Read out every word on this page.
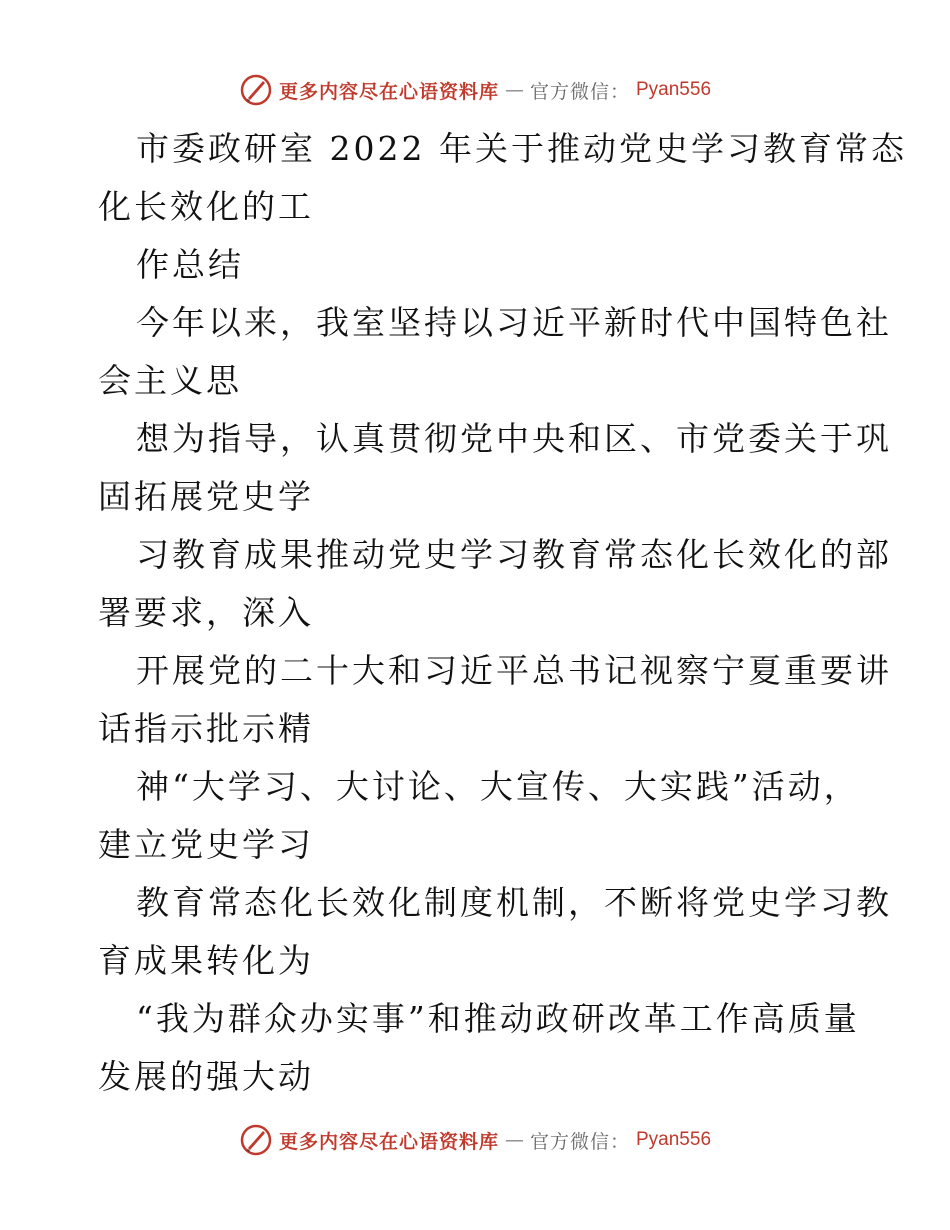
更多内容尽在心语资料库 — 官方微信： Pyan556
市委政研室 2022 年关于推动党史学习教育常态
化长效化的工
作总结
今年以来，我室坚持以习近平新时代中国特色社
会主义思
想为指导，认真贯彻党中央和区、市党委关于巩
固拓展党史学
习教育成果推动党史学习教育常态化长效化的部
署要求，深入
开展党的二十大和习近平总书记视察宁夏重要讲
话指示批示精
神“大学习、大讨论、大宣传、大实践”活动，
建立党史学习
教育常态化长效化制度机制，不断将党史学习教
育成果转化为
“我为群众办实事”和推动政研改革工作高质量
发展的强大动
更多内容尽在心语资料库 — 官方微信： Pyan556
